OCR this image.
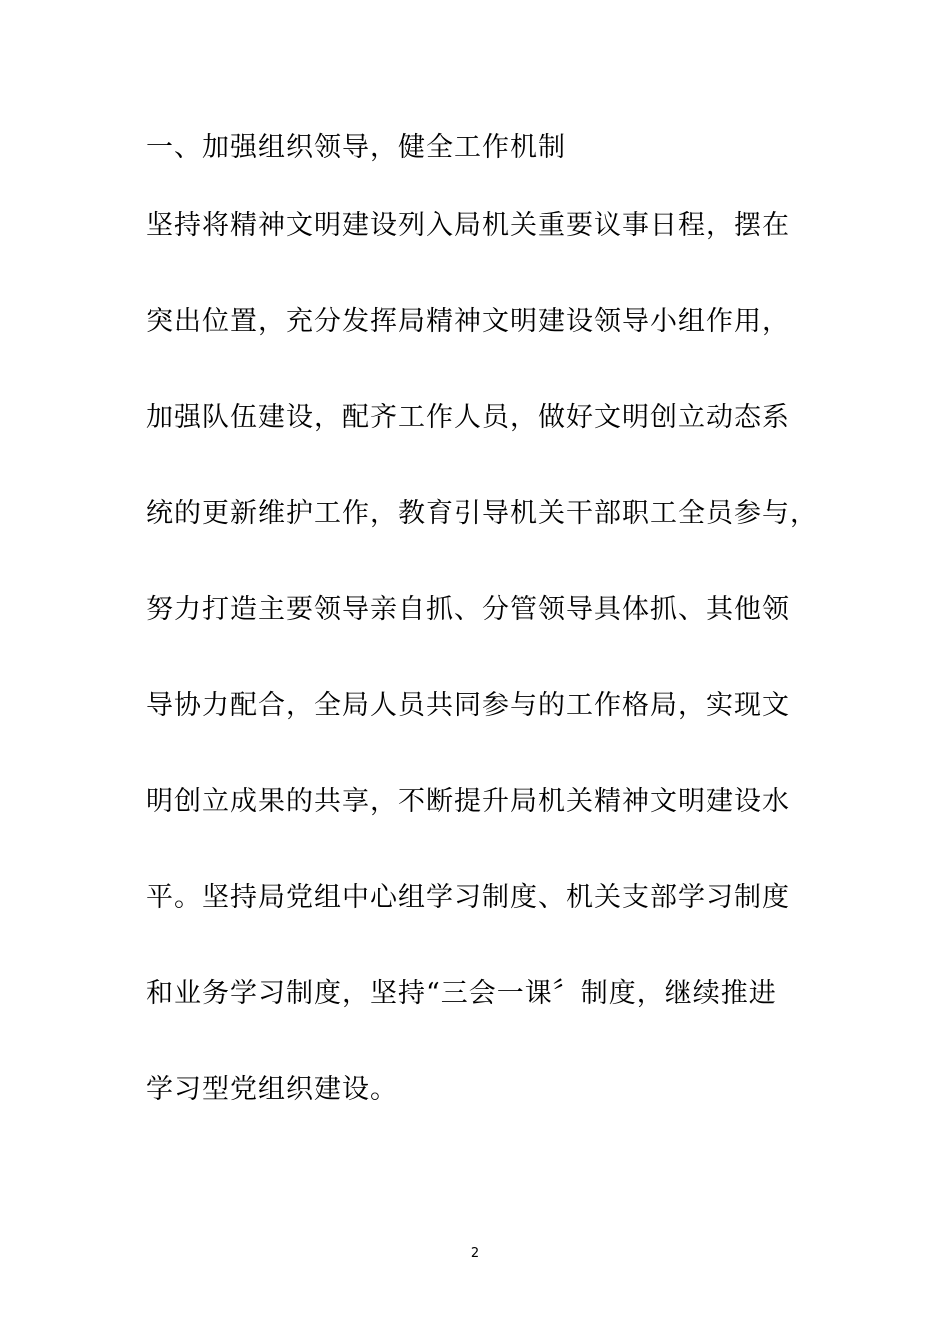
一、加强组织领导，健全工作机制
坚持将精神文明建设列入局机关重要议事日程，摆在
突出位置，充分发挥局精神文明建设领导小组作用，
加强队伍建设，配齐工作人员，做好文明创立动态系
统的更新维护工作，教育引导机关干部职工全员参与，
努力打造主要领导亲自抓、分管领导具体抓、其他领
导协力配合，全局人员共同参与的工作格局，实现文
明创立成果的共享，不断提升局机关精神文明建设水
平。坚持局党组中心组学习制度、机关支部学习制度
和业务学习制度，坚持“三会一课〞制度，继续推进
学习型党组织建设。
2
